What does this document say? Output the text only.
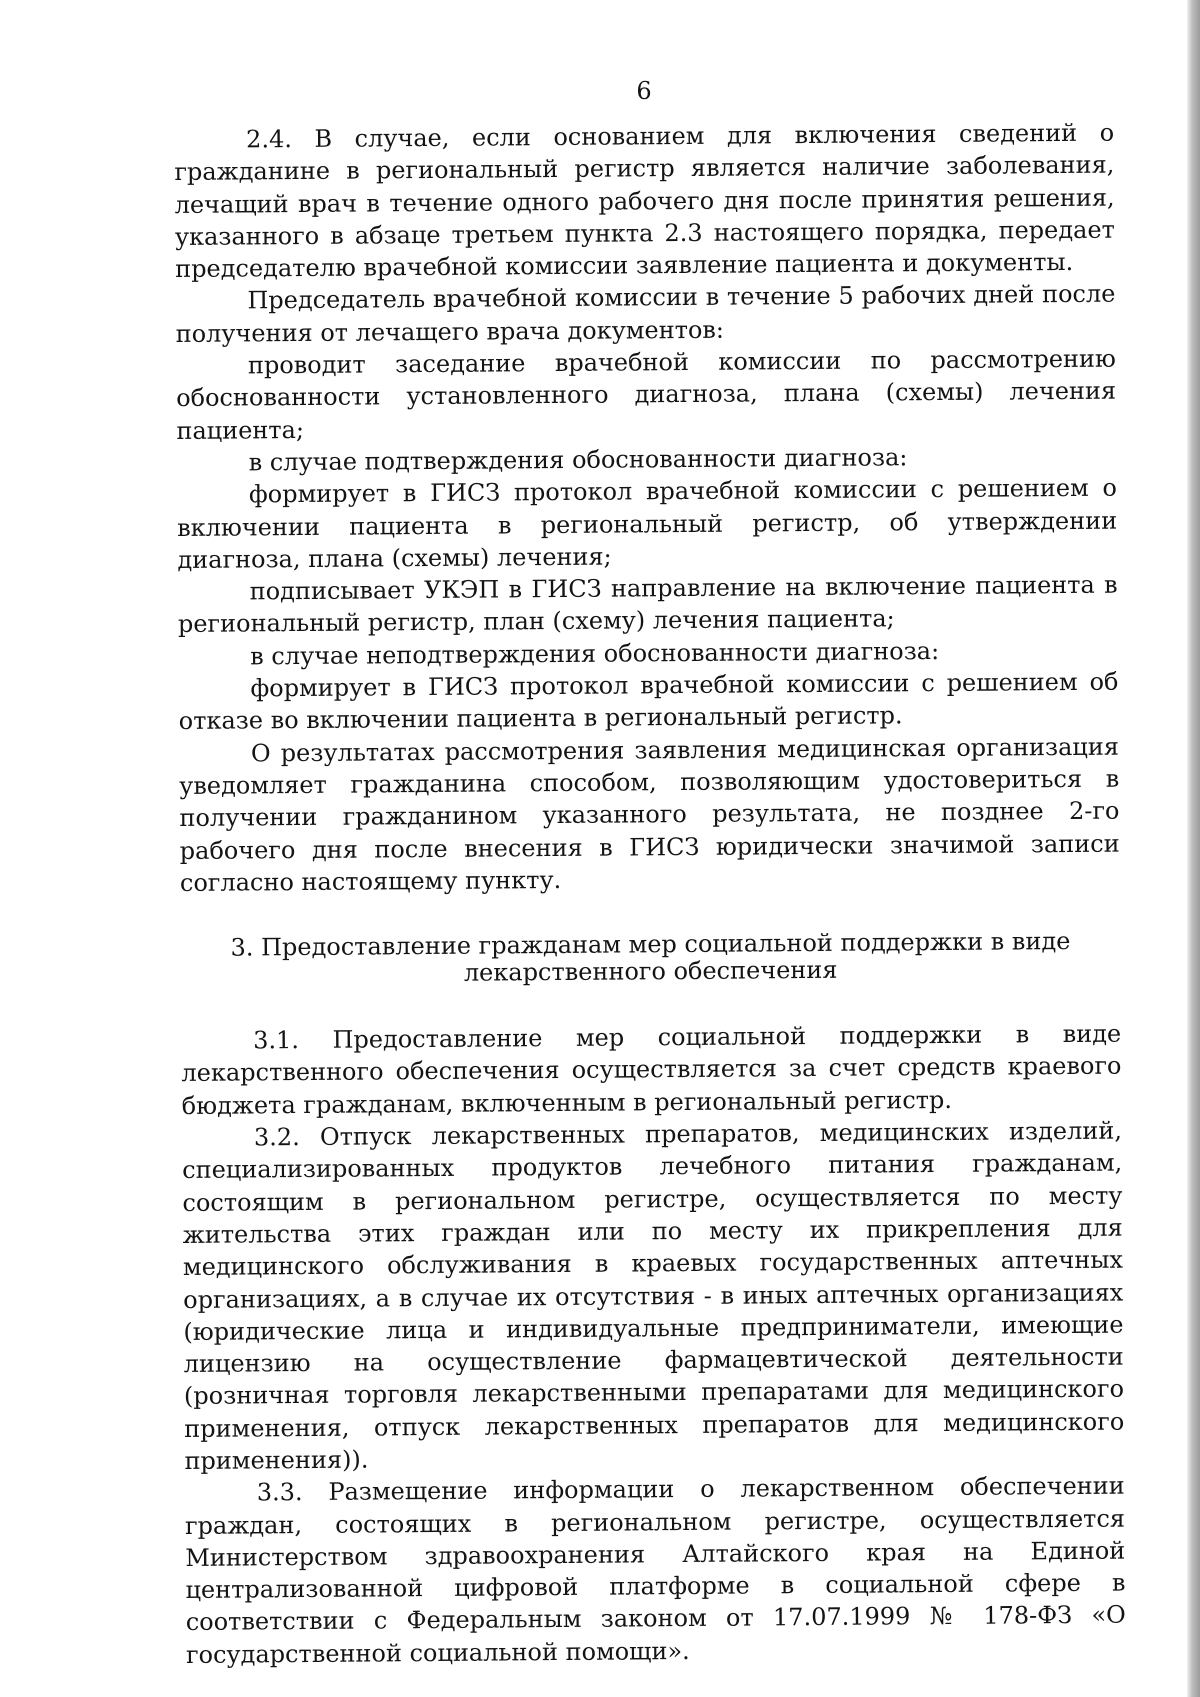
6

2.4. В случае, если основанием для включения сведений о гражданине в региональный регистр является наличие заболевания, лечащий врач в течение одного рабочего дня после принятия решения, указанного в абзаце третьем пункта 2.3 настоящего порядка, передает председателю врачебной комиссии заявление пациента и документы.

Председатель врачебной комиссии в течение 5 рабочих дней после получения от лечащего врача документов:

проводит заседание врачебной комиссии по рассмотрению обоснованности установленного диагноза, плана (схемы) лечения пациента;

в случае подтверждения обоснованности диагноза:

формирует в ГИСЗ протокол врачебной комиссии с решением о включении пациента в региональный регистр, об утверждении диагноза, плана (схемы) лечения;

подписывает УКЭП в ГИСЗ направление на включение пациента в региональный регистр, план (схему) лечения пациента;

в случае неподтверждения обоснованности диагноза:

формирует в ГИСЗ протокол врачебной комиссии с решением об отказе во включении пациента в региональный регистр.

О результатах рассмотрения заявления медицинская организация уведомляет гражданина способом, позволяющим удостовериться в получении гражданином указанного результата, не позднее 2-го рабочего дня после внесения в ГИСЗ юридически значимой записи согласно настоящему пункту.

3. Предоставление гражданам мер социальной поддержки в виде лекарственного обеспечения

3.1. Предоставление мер социальной поддержки в виде лекарственного обеспечения осуществляется за счет средств краевого бюджета гражданам, включенным в региональный регистр.

3.2. Отпуск лекарственных препаратов, медицинских изделий, специализированных продуктов лечебного питания гражданам, состоящим в региональном регистре, осуществляется по месту жительства этих граждан или по месту их прикрепления для медицинского обслуживания в краевых государственных аптечных организациях, а в случае их отсутствия - в иных аптечных организациях (юридические лица и индивидуальные предприниматели, имеющие лицензию на осуществление фармацевтической деятельности (розничная торговля лекарственными препаратами для медицинского применения, отпуск лекарственных препаратов для медицинского применения)).

3.3. Размещение информации о лекарственном обеспечении граждан, состоящих в региональном регистре, осуществляется Министерством здравоохранения Алтайского края на Единой централизованной цифровой платформе в социальной сфере в соответствии с Федеральным законом от 17.07.1999 № 178-ФЗ «О государственной социальной помощи».
